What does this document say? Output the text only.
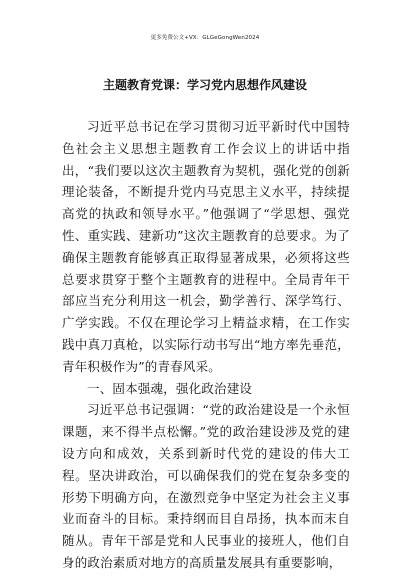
更多免费公文+VX：GLGeGongWen2024
主题教育党课：学习党内思想作风建设

习近平总书记在学习贯彻习近平新时代中国特色社会主义思想主题教育工作会议上的讲话中指出，“我们要以这次主题教育为契机，强化党的创新理论装备，不断提升党内马克思主义水平，持续提高党的执政和领导水平。”他强调了“学思想、强党性、重实践、建新功”这次主题教育的总要求。为了确保主题教育能够真正取得显著成果，必须将这些总要求贯穿于整个主题教育的进程中。全局青年干部应当充分利用这一机会，勤学善行、深学笃行、广学实践。不仅在理论学习上精益求精，在工作实践中真刀真枪，以实际行动书写出“地方率先垂范，青年积极作为”的青春风采。

一、固本强魂，强化政治建设

习近平总书记强调：“党的政治建设是一个永恒课题，来不得半点松懈。”党的政治建设涉及党的建设方向和成效，关系到新时代党的建设的伟大工程。坚决讲政治，可以确保我们的党在复杂多变的形势下明确方向，在激烈竞争中坚定为社会主义事业而奋斗的目标。秉持纲而目自昂扬，执本而末自随从。青年干部是党和人民事业的接班人，他们自身的政治素质对地方的高质量发展具有重要影响，
